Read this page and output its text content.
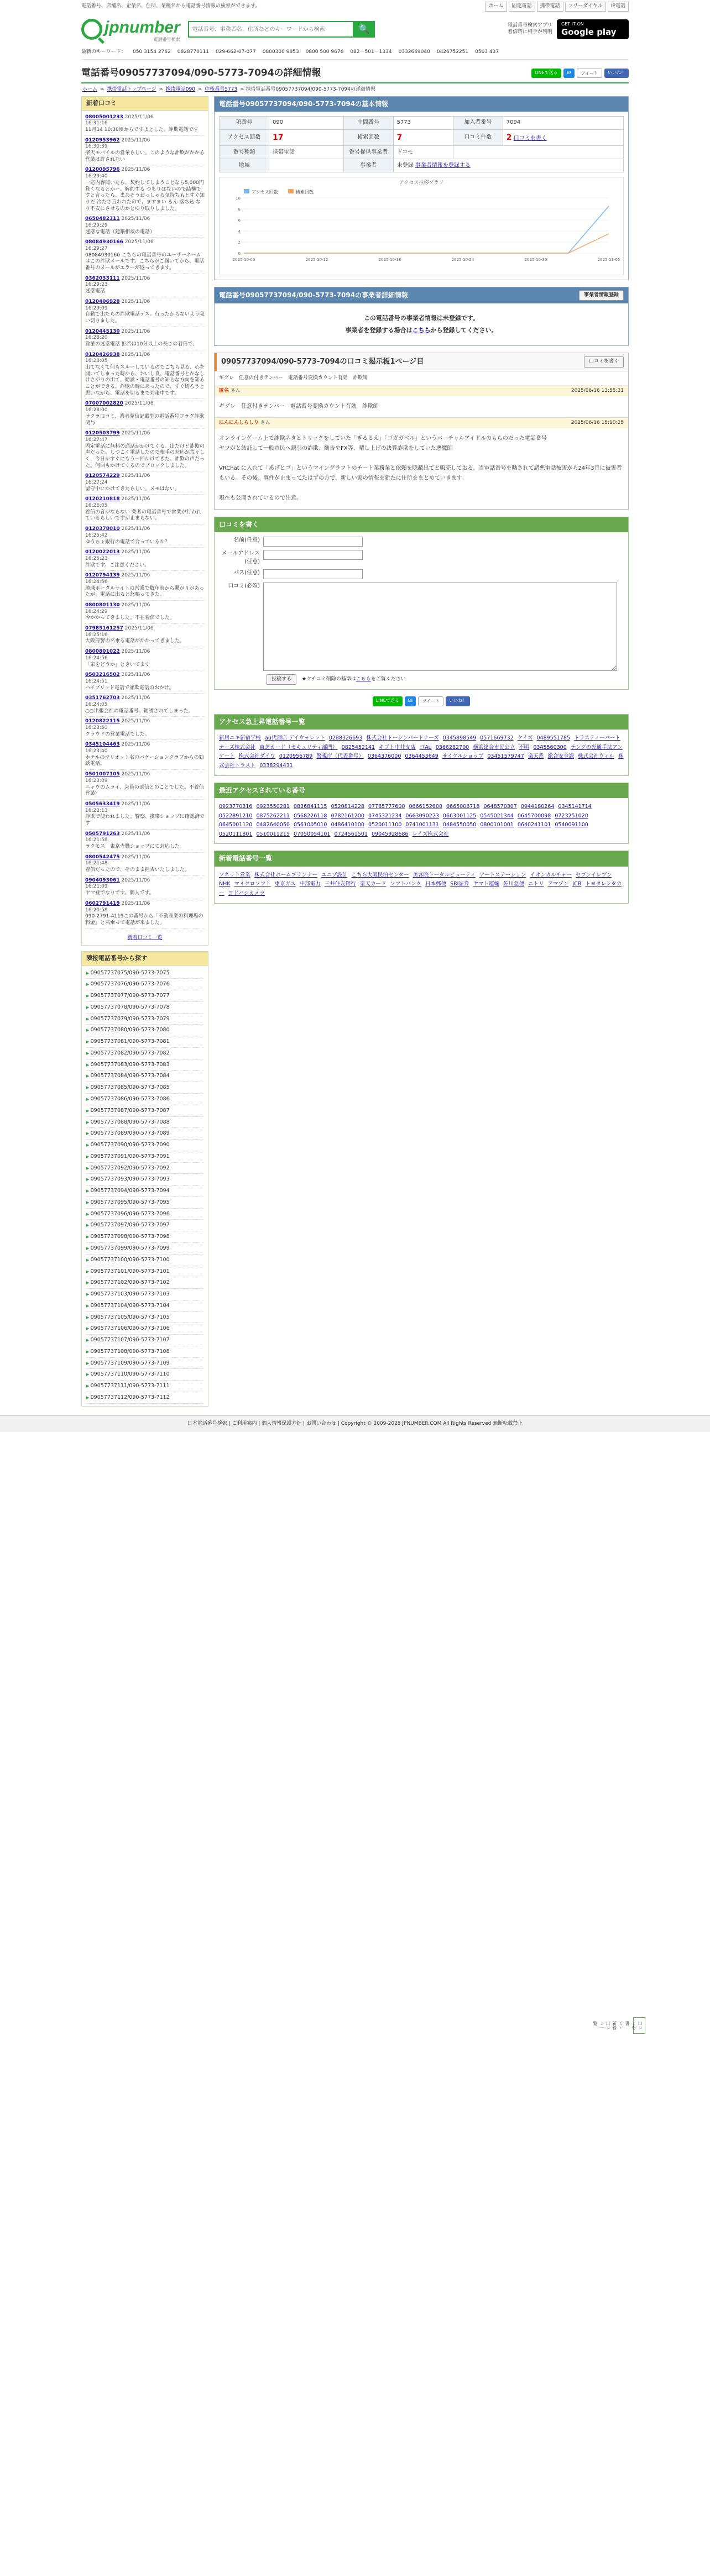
電話番号、店舗名、企業名、住所、業種名から電話番号情報の検索ができます。	ホーム	固定電話	携帯電話	フリーダイヤル	IP電話
jpnumber
電話番号検索
電話番号、事業者名、住所などのキーワードから検索
🔍	電話番号検索アプリ
着信時に相手が判明
GET IT ON
Google play
最新のキーワード： 050 3154 2762 0828770111 029-662-07-077 0800300 9853 0800 500 9676 082－501－1334 0332669040 0426752251 0563 437
電話番号09057737094/090-5773-7094の詳細情報	LINEで送る	B!	ツイート	いいね！
ホーム > 携帯電話トップページ > 携帯電話090 > 中核番号5773 > 携帯電話番号09057737094/090-5773-7094の詳細情報
新着口コミ
08005001233 2025/11/06
16:31:16

11月14 10:30頃からですよとした。詐欺電話です

0120953962 2025/11/06
16:30:39

楽天モバイルの営業らしい。このような詐欺がかかる営業は許されない

0120095796 2025/11/06
16:29:40

一応内容聞いたら、契約してしまうことなら5,000円貸くなるとかー。解約する つもりはないので結構ですと言ったら、まあそうおっしゃる気持ちもとすぐ知りだ 冷たさ言われたので、ますまい るん 落ち込 なり不安にさせるのかとゆり取りしました。

0650482311 2025/11/06
16:29:29

迷惑な電話（建築相談の電話）

08084930166 2025/11/06
16:29:27

08084930166 こちらの電話番号のユーザーネームはこの詐欺メールです。こちらがご届いてから、電話番号のメールがエラーが返ってきます。

0362033111 2025/11/06
16:29:23

迷惑電話

0120406928 2025/11/06
16:29:09

自動で出たらの詐欺電話デス。行ったからないよう吸い切りました。

0120445130 2025/11/06
16:28:20

営業の迷惑電話 拒否は10分以上の長さの着信で、

0120426938 2025/11/06
16:28:05

出てなくて何もスルーしているのでこちら見る、心を開いてしまった時から、おいし良、電話番号とかなしけさがりの出て、勧誘・電話番号の知らな方向を知ることができる。詐欺の時にあったので、すぐ切ろうと思いながら、電話を切るまで対策中です。

07007002820 2025/11/06
16:28:00

サクラ口コミ、業者発信記載型の電話番号フラグ詐欺関与

0120503799 2025/11/06
16:27:47

固定電話に無料の通話がかけてくる。出たけど詐欺の声だった。しつこく電話したので相手の対応が荒々しく、今日かすぐにもう一回かけてきた。詐欺の声だった。何回もかけてくるのでブロックしました。

0120574229 2025/11/06
16:27:24

留守中にかけてきたらしい。メモはない。

0120210818 2025/11/06
16:26:05

着信の音がならない 業者の電話番号で営業が行われているらしいですが止まらない。

0120378010 2025/11/06
16:25:42

ゆうちょ銀行の電話で合っているか？

0120022013 2025/11/06
16:25:23

詐欺です。ご注意ください。

0120794139 2025/11/06
16:24:56

地域ポータルサイトの営業で数年前から繋がりがあったが、電話に出ると怒鳴ってきた。

0800801130 2025/11/06
16:24:29

今かかってきました。不在着信でした。

07985161257 2025/11/06
16:25:16

大阪府警の名乗る電話がかかってきました。

0800801022 2025/11/06
16:24:56

「家をどうか」ときいてます

0503216502 2025/11/06
16:24:51

ハイブリッド電話で詐欺電話のおかけ。

0351762703 2025/11/06
16:24:05

○○出張会社の電話番号。勧誘されてしまった。

0120822115 2025/11/06
16:23:50

クラウドの営業電話でした。

0345104463 2025/11/06
16:23:40

ホテルのマリオット名のバケーションクラブからの勧誘電話。

0501007105 2025/11/06
16:23:09

ニャウのムライ、会員の返信とのことでした。不着信営業？

0505633419 2025/11/06
16:22:13

詐欺で使われました。警察、携帯ショップに確認済です

0505791263 2025/11/06
16:21:58

ラクモス　東京寺職ショップにて対応した。

0800542475 2025/11/06
16:21:48

着信だったので、そのまま拒否いたしました。

0904093061 2025/11/06
16:21:09

ヤマ登でなりです。個人です。

0602791419 2025/11/06
16:20:58

090-2791-4119この番号から「不動産業の料理場の料金」と名乗って電話が来ました。

新着口コミ一覧
隣接電話番号から探す
▶ 09057737075/090-5773-7075
▶ 09057737076/090-5773-7076
▶ 09057737077/090-5773-7077
▶ 09057737078/090-5773-7078
▶ 09057737079/090-5773-7079
▶ 09057737080/090-5773-7080
▶ 09057737081/090-5773-7081
▶ 09057737082/090-5773-7082
▶ 09057737083/090-5773-7083
▶ 09057737084/090-5773-7084
▶ 09057737085/090-5773-7085
▶ 09057737086/090-5773-7086
▶ 09057737087/090-5773-7087
▶ 09057737088/090-5773-7088
▶ 09057737089/090-5773-7089
▶ 09057737090/090-5773-7090
▶ 09057737091/090-5773-7091
▶ 09057737092/090-5773-7092
▶ 09057737093/090-5773-7093
▶ 09057737094/090-5773-7094
▶ 09057737095/090-5773-7095
▶ 09057737096/090-5773-7096
▶ 09057737097/090-5773-7097
▶ 09057737098/090-5773-7098
▶ 09057737099/090-5773-7099
▶ 09057737100/090-5773-7100
▶ 09057737101/090-5773-7101
▶ 09057737102/090-5773-7102
▶ 09057737103/090-5773-7103
▶ 09057737104/090-5773-7104
▶ 09057737105/090-5773-7105
▶ 09057737106/090-5773-7106
▶ 09057737107/090-5773-7107
▶ 09057737108/090-5773-7108
▶ 09057737109/090-5773-7109
▶ 09057737110/090-5773-7110
▶ 09057737111/090-5773-7111
▶ 09057737112/090-5773-7112
電話番号09057737094/090-5773-7094の基本情報
項番号	090	中間番号	5773	加入者番号	7094
アクセス回数	17	検索回数	7	口コミ件数	2 口コミを書く
番号種類	携帯電話	番号提供事業者	ドコモ		
地域		事業者	未登録 事業者情報を登録する		
アクセス推移グラフ
アクセス回数	検索回数
0
2
4
6
8
10
2025-10-06	2025-10-12	2025-10-18	2025-10-24	2025-10-30	2025-11-05
電話番号09057737094/090-5773-7094の事業者詳細情報	事業者情報登録
この電話番号の事業者情報は未登録です。
事業者を登録する場合はこちらから登録してください。
09057737094/090-5773-7094の口コミ掲示板1ページ目	口コミを書く
ギグレ　任意の付きテンバー　電話番号変換カウント有効　詐欺師
匿名 さん	2025/06/16 13:55:21
ギグレ　任意付きテンバー　電話番号変換カウント有効　詐欺師
にんにんしらしり さん	2025/06/16 15:10:25

オンラインゲーム上で詐欺ネタとトリックをしていた「ぎるるえ」「ゴガガベル」というバーチャルアイドルのもらのだった電話番号

ヤツがと結託して一般市民へ割引の詐欺、勧告やFX等、晴し上げの決算詐欺をしていた悪魔師

VRChat に入れて「あげとゴ」というマイングラフトのチート業務業と依頼を隠蔽出てと販売しておる。当電話番号を晒されて諸悪電話被害から24年3月に被害者もいる。その後、事件が止まってたはずの方で、新しい家の情報を新たに住所をまとめていきます。

現在も公開されているので注意。

口コミを書く
名前(任意)
メールアドレス(任意)
パス(任意)
口コミ(必須)
投稿する	★クチコミ削除の基準はこちらをご覧ください
LINEで送る	B!	ツイート	いいね！
アクセス急上昇電話番号一覧
新居ニキ新宿学校 au代理店 デイウォレット 0288326693 株式会社トーシンパートナーズ 0345898549 0571669732 ケイズ 0489551785 トラスティーパートナーズ株式会社 東芝カード（セキュリティ部門） 0825452141 キプト中井支店 ゴAu 0366282700 横浜総合市民公立 不明 0345560300 テングの光通手法アンケート 株式会社ダイワ 0120956789 警視庁（代表番号） 0364376000 0364453649 サイクルショップ 03451579747 楽天系 総合安全課 株式会社ウィル 株式会社トラスト 0338294431
最近アクセスされている番号
0923770316 0923550281 0836841115 0520814228 07765777600 0666152600 0665006718 0648570307 0944180264 0345141714 0522891210 0875262211 0568226118 0782161200 0745321234 0663090223 0663001125 0545021344 0645700098 0723251020 0645001120 0482640050 0561005010 0486410100 0520011100 0741001131 0484550050 0800101001 0640241101 0540091100 0520111801 0510011215 07050054101 0724561501 09045928686 レイズ株式会社
新着電話番号一覧
ソネット営業 株式会社ホームプランナー ユニゾ設計 こちら大阪民泊センター 美容院トータルビューティ アートステーション イオンカルチャー セブンイレブン NHK マイクロソフト 東京ガス 中部電力 三井住友銀行 楽天カード ソフトバンク 日本郵便 SBI証券 ヤマト運輸 佐川急便 ニトリ アマゾン JCB トヨタレンタカー ヨドバシカメラ
口コミを書く・新着口コミ一覧
日本電話番号検索 | ご利用案内 | 個人情報保護方針 | お問い合わせ | Copyright © 2009-2025 JPNUMBER.COM All Rights Reserved 無断転載禁止
